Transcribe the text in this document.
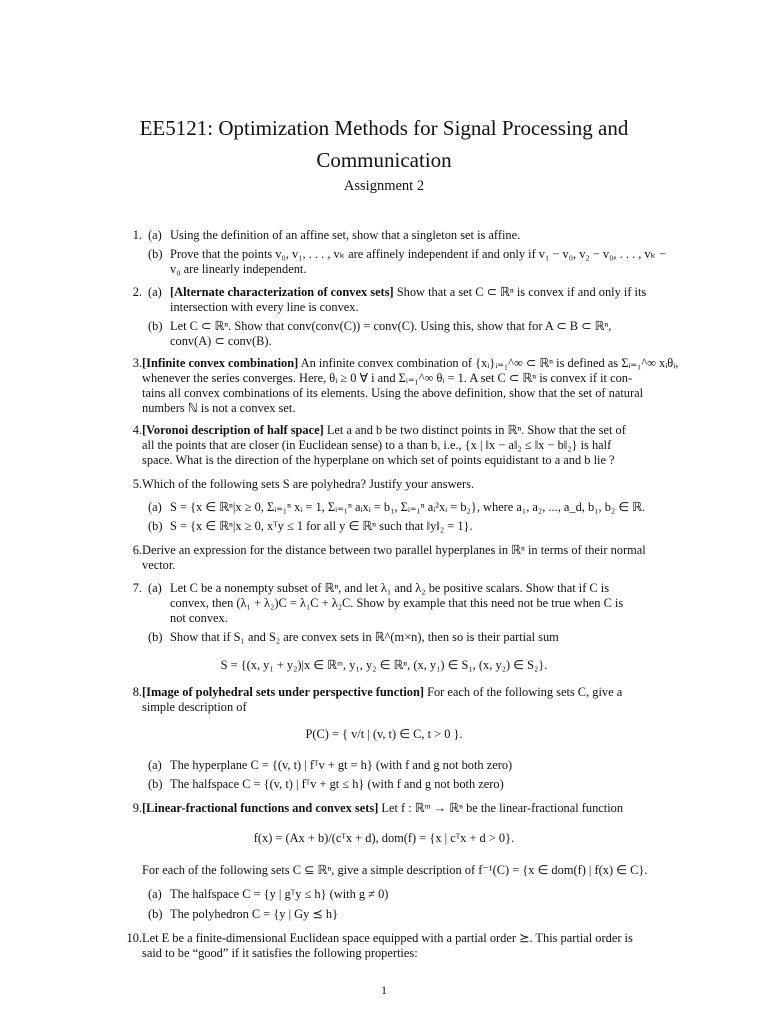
EE5121: Optimization Methods for Signal Processing and
Communication
Assignment 2
1. (a) Using the definition of an affine set, show that a singleton set is affine.
(b) Prove that the points v₀, v₁, . . . , vₖ are affinely independent if and only if v₁ − v₀, v₂ − v₀, . . . , vₖ −
v₀ are linearly independent.
2. (a) [Alternate characterization of convex sets] Show that a set C ⊂ ℝⁿ is convex if and only if its
intersection with every line is convex.
(b) Let C ⊂ ℝⁿ. Show that conv(conv(C)) = conv(C). Using this, show that for A ⊂ B ⊂ ℝⁿ,
conv(A) ⊂ conv(B).
3. [Infinite convex combination] An infinite convex combination of {xᵢ}ᵢ₌₁^∞ ⊂ ℝⁿ is defined as Σᵢ₌₁^∞ xᵢθᵢ,
whenever the series converges. Here, θᵢ ≥ 0 ∀ i and Σᵢ₌₁^∞ θᵢ = 1. A set C ⊂ ℝⁿ is convex if it con-
tains all convex combinations of its elements. Using the above definition, show that the set of natural
numbers ℕ is not a convex set.
4. [Voronoi description of half space] Let a and b be two distinct points in ℝⁿ. Show that the set of
all the points that are closer (in Euclidean sense) to a than b, i.e., {x | ‖x − a‖₂ ≤ ‖x − b‖₂} is half
space. What is the direction of the hyperplane on which set of points equidistant to a and b lie ?
5. Which of the following sets S are polyhedra? Justify your answers.
(a) S = {x ∈ ℝⁿ|x ≥ 0, Σᵢ₌₁ⁿ xᵢ = 1, Σᵢ₌₁ⁿ aᵢxᵢ = b₁, Σᵢ₌₁ⁿ aᵢ²xᵢ = b₂}, where a₁, a₂, ..., a_d, b₁, b₂ ∈ ℝ.
(b) S = {x ∈ ℝⁿ|x ≥ 0, xᵀy ≤ 1 for all y ∈ ℝⁿ such that ‖y‖₂ = 1}.
6. Derive an expression for the distance between two parallel hyperplanes in ℝⁿ in terms of their normal
vector.
7. (a) Let C be a nonempty subset of ℝⁿ, and let λ₁ and λ₂ be positive scalars. Show that if C is
convex, then (λ₁ + λ₂)C = λ₁C + λ₂C. Show by example that this need not be true when C is
not convex.
(b) Show that if S₁ and S₂ are convex sets in ℝ^(m×n), then so is their partial sum
S = {(x, y₁ + y₂)|x ∈ ℝᵐ, y₁, y₂ ∈ ℝⁿ, (x, y₁) ∈ S₁, (x, y₂) ∈ S₂}.
8. [Image of polyhedral sets under perspective function] For each of the following sets C, give a
simple description of
P(C) = { v/t | (v, t) ∈ C, t > 0 }.
(a) The hyperplane C = {(v, t) | fᵀv + gt = h} (with f and g not both zero)
(b) The halfspace C = {(v, t) | fᵀv + gt ≤ h} (with f and g not both zero)
9. [Linear-fractional functions and convex sets] Let f : ℝᵐ → ℝⁿ be the linear-fractional function
f(x) = (Ax + b)/(cᵀx + d), dom(f) = {x | cᵀx + d > 0}.
For each of the following sets C ⊆ ℝⁿ, give a simple description of f⁻¹(C) = {x ∈ dom(f) | f(x) ∈ C}.
(a) The halfspace C = {y | gᵀy ≤ h} (with g ≠ 0)
(b) The polyhedron C = {y | Gy ⪯ h}
10. Let E be a finite-dimensional Euclidean space equipped with a partial order ⪰. This partial order is
said to be “good” if it satisfies the following properties:
1
